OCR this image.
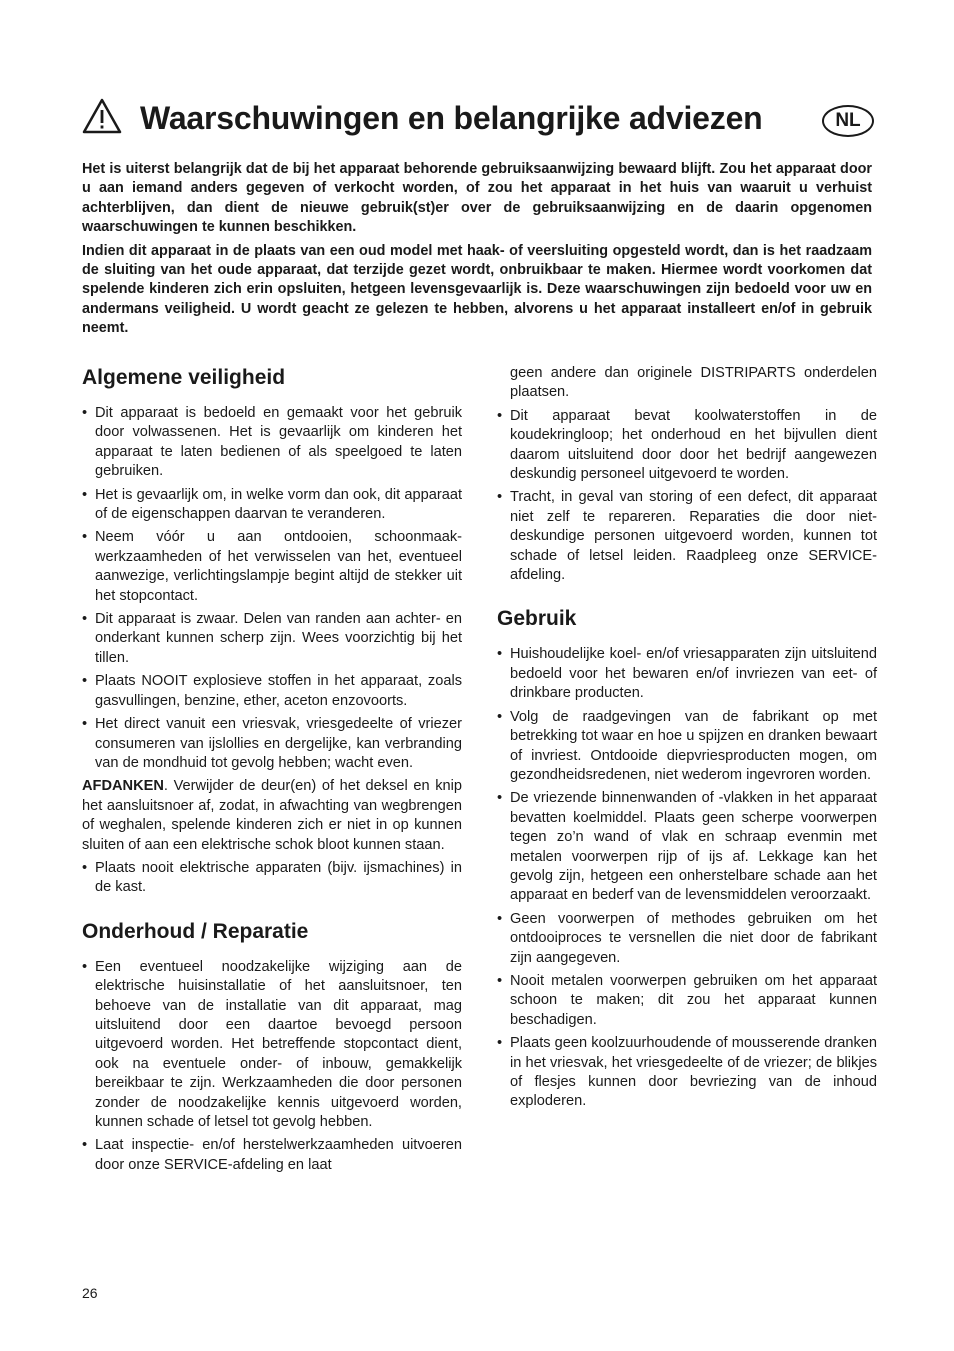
Waarschuwingen en belangrijke adviezen	NL

Het is uiterst belangrijk dat de bij het apparaat behorende gebruiksaanwijzing bewaard blijft. Zou het apparaat door u aan iemand anders gegeven of verkocht worden, of zou het apparaat in het huis van waaruit u verhuist achterblijven, dan dient de nieuwe gebruik(st)er over de gebruiksaanwijzing en de daarin opgenomen waarschuwingen te kunnen beschikken.

Indien dit apparaat in de plaats van een oud model met haak- of veersluiting opgesteld wordt, dan is het raadzaam de sluiting van het oude apparaat, dat terzijde gezet wordt, onbruikbaar te maken. Hiermee wordt voorkomen dat spelende kinderen zich erin opsluiten, hetgeen levensgevaarlijk is. Deze waarschuwingen zijn bedoeld voor uw en andermans veiligheid. U wordt geacht ze gelezen te hebben, alvorens u het apparaat installeert en/of in gebruik neemt.

Algemene veiligheid
• Dit apparaat is bedoeld en gemaakt voor het gebruik door volwassenen. Het is gevaarlijk om kinderen het apparaat te laten bedienen of als speelgoed te laten gebruiken.
• Het is gevaarlijk om, in welke vorm dan ook, dit apparaat of de eigenschappen daarvan te veranderen.
• Neem vóór u aan ontdooien, schoonmaak-werkzaamheden of het verwisselen van het, eventueel aanwezige, verlichtingslampje begint altijd de stekker uit het stopcontact.
• Dit apparaat is zwaar. Delen van randen aan achter- en onderkant kunnen scherp zijn. Wees voorzichtig bij het tillen.
• Plaats NOOIT explosieve stoffen in het apparaat, zoals gasvullingen, benzine, ether, aceton enzovoorts.
• Het direct vanuit een vriesvak, vriesgedeelte of vriezer consumeren van ijslollies en dergelijke, kan verbranding van de mondhuid tot gevolg hebben; wacht even.
AFDANKEN. Verwijder de deur(en) of het deksel en knip het aansluitsnoer af, zodat, in afwachting van wegbrengen of weghalen, spelende kinderen zich er niet in op kunnen sluiten of aan een elektrische schok bloot kunnen staan.
• Plaats nooit elektrische apparaten (bijv. ijsmachines) in de kast.
Onderhoud / Reparatie
• Een eventueel noodzakelijke wijziging aan de elektrische huisinstallatie of het aansluitsnoer, ten behoeve van de installatie van dit apparaat, mag uitsluitend door een daartoe bevoegd persoon uitgevoerd worden. Het betreffende stopcontact dient, ook na eventuele onder- of inbouw, gemakkelijk bereikbaar te zijn. Werkzaamheden die door personen zonder de noodzakelijke kennis uitgevoerd worden, kunnen schade of letsel tot gevolg hebben.
• Laat inspectie- en/of herstelwerkzaamheden uitvoeren door onze SERVICE-afdeling en laat
geen andere dan originele DISTRIPARTS onderdelen plaatsen.
• Dit apparaat bevat koolwaterstoffen in de koudekringloop; het onderhoud en het bijvullen dient daarom uitsluitend door door het bedrijf aangewezen deskundig personeel uitgevoerd te worden.
• Tracht, in geval van storing of een defect, dit apparaat niet zelf te repareren. Reparaties die door niet-deskundige personen uitgevoerd worden, kunnen tot schade of letsel leiden. Raadpleeg onze SERVICE-afdeling.
Gebruik
• Huishoudelijke koel- en/of vriesapparaten zijn uitsluitend bedoeld voor het bewaren en/of invriezen van eet- of drinkbare producten.
• Volg de raadgevingen van de fabrikant op met betrekking tot waar en hoe u spijzen en dranken bewaart of invriest. Ontdooide diepvriesproducten mogen, om gezondheidsredenen, niet wederom ingevroren worden.
• De vriezende binnenwanden of -vlakken in het apparaat bevatten koelmiddel. Plaats geen scherpe voorwerpen tegen zo’n wand of vlak en schraap evenmin met metalen voorwerpen rijp of ijs af. Lekkage kan het gevolg zijn, hetgeen een onherstelbare schade aan het apparaat en bederf van de levensmiddelen veroorzaakt.
• Geen voorwerpen of methodes gebruiken om het ontdooiproces te versnellen die niet door de fabrikant zijn aangegeven.
• Nooit metalen voorwerpen gebruiken om het apparaat schoon te maken; dit zou het apparaat kunnen beschadigen.
• Plaats geen koolzuurhoudende of mousserende dranken in het vriesvak, het vriesgedeelte of de vriezer; de blikjes of flesjes kunnen door bevriezing van de inhoud exploderen.
26
